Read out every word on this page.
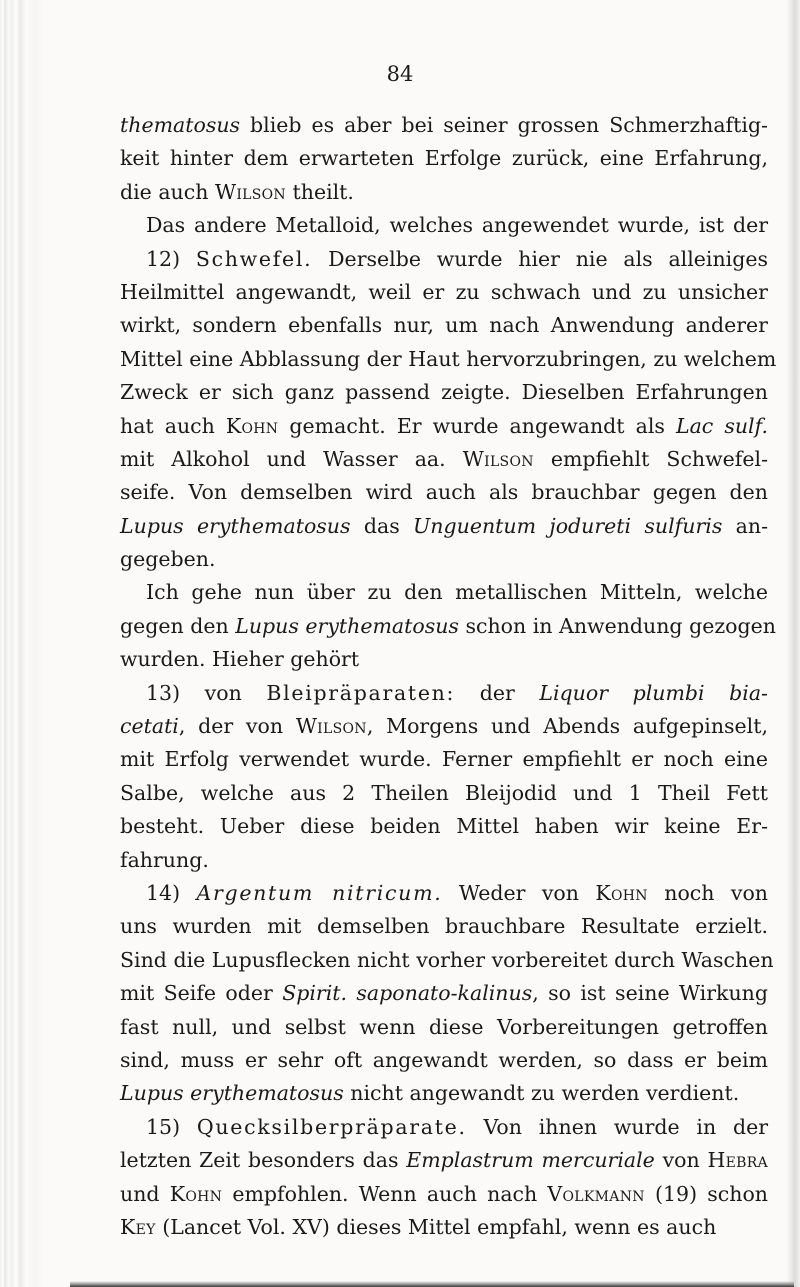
84
thematosus blieb es aber bei seiner grossen Schmerzhaftig-
keit hinter dem erwarteten Erfolge zurück, eine Erfahrung,
die auch Wilson theilt.
Das andere Metalloid, welches angewendet wurde, ist der
12) Schwefel. Derselbe wurde hier nie als alleiniges
Heilmittel angewandt, weil er zu schwach und zu unsicher
wirkt, sondern ebenfalls nur, um nach Anwendung anderer
Mittel eine Abblassung der Haut hervorzubringen, zu welchem
Zweck er sich ganz passend zeigte. Dieselben Erfahrungen
hat auch Kohn gemacht. Er wurde angewandt als Lac sulf.
mit Alkohol und Wasser aa. Wilson empfiehlt Schwefel-
seife. Von demselben wird auch als brauchbar gegen den
Lupus erythematosus das Unguentum jodureti sulfuris an-
gegeben.
Ich gehe nun über zu den metallischen Mitteln, welche
gegen den Lupus erythematosus schon in Anwendung gezogen
wurden. Hieher gehört
13) von Bleipräparaten: der Liquor plumbi bia-
cetati, der von Wilson, Morgens und Abends aufgepinselt,
mit Erfolg verwendet wurde. Ferner empfiehlt er noch eine
Salbe, welche aus 2 Theilen Bleijodid und 1 Theil Fett
besteht. Ueber diese beiden Mittel haben wir keine Er-
fahrung.
14) Argentum nitricum. Weder von Kohn noch von
uns wurden mit demselben brauchbare Resultate erzielt.
Sind die Lupusflecken nicht vorher vorbereitet durch Waschen
mit Seife oder Spirit. saponato-kalinus, so ist seine Wirkung
fast null, und selbst wenn diese Vorbereitungen getroffen
sind, muss er sehr oft angewandt werden, so dass er beim
Lupus erythematosus nicht angewandt zu werden verdient.
15) Quecksilberpräparate. Von ihnen wurde in der
letzten Zeit besonders das Emplastrum mercuriale von Hebra
und Kohn empfohlen. Wenn auch nach Volkmann (19) schon
Key (Lancet Vol. XV) dieses Mittel empfahl, wenn es auch
